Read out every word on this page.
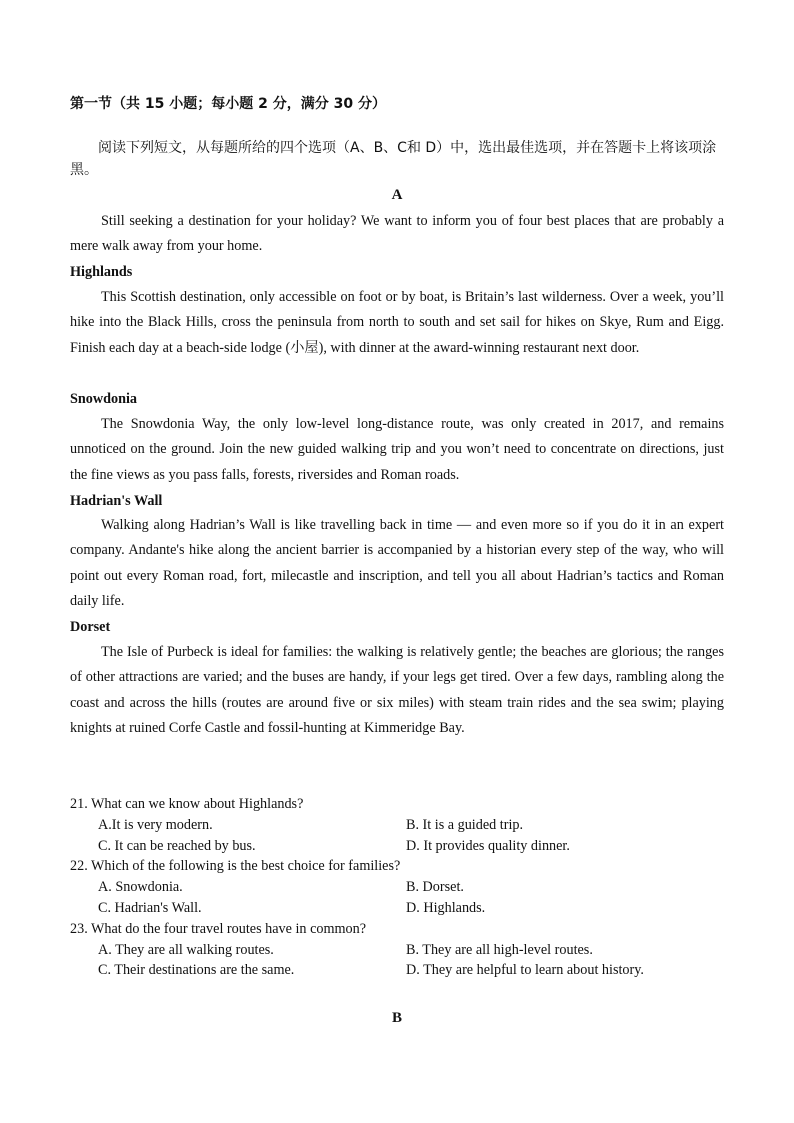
第一节（共 15 小题；每小题 2 分，满分 30 分）
阅读下列短文，从每题所给的四个选项（A、B、C和 D）中，选出最佳选项，并在答题卡上将该项涂黑。
A
Still seeking a destination for your holiday? We want to inform you of four best places that are probably a mere walk away from your home.
Highlands
This Scottish destination, only accessible on foot or by boat, is Britain’s last wilderness. Over a week, you’ll hike into the Black Hills, cross the peninsula from north to south and set sail for hikes on Skye, Rum and Eigg. Finish each day at a beach-side lodge (小屋), with dinner at the award-winning restaurant next door.
Snowdonia
The Snowdonia Way, the only low-level long-distance route, was only created in 2017, and remains unnoticed on the ground. Join the new guided walking trip and you won’t need to concentrate on directions, just the fine views as you pass falls, forests, riversides and Roman roads.
Hadrian's Wall
Walking along Hadrian’s Wall is like travelling back in time — and even more so if you do it in an expert company. Andante's hike along the ancient barrier is accompanied by a historian every step of the way, who will point out every Roman road, fort, milecastle and inscription, and tell you all about Hadrian’s tactics and Roman daily life.
Dorset
The Isle of Purbeck is ideal for families: the walking is relatively gentle; the beaches are glorious; the ranges of other attractions are varied; and the buses are handy, if your legs get tired. Over a few days, rambling along the coast and across the hills (routes are around five or six miles) with steam train rides and the sea swim; playing knights at ruined Corfe Castle and fossil-hunting at Kimmeridge Bay.
21. What can we know about Highlands?
A.It is very modern.	B. It is a guided trip.
C. It can be reached by bus.	D. It provides quality dinner.
22. Which of the following is the best choice for families?
A. Snowdonia.	B. Dorset.
C. Hadrian's Wall.	D. Highlands.
23. What do the four travel routes have in common?
A. They are all walking routes.	B. They are all high-level routes.
C. Their destinations are the same.	D. They are helpful to learn about history.
B
